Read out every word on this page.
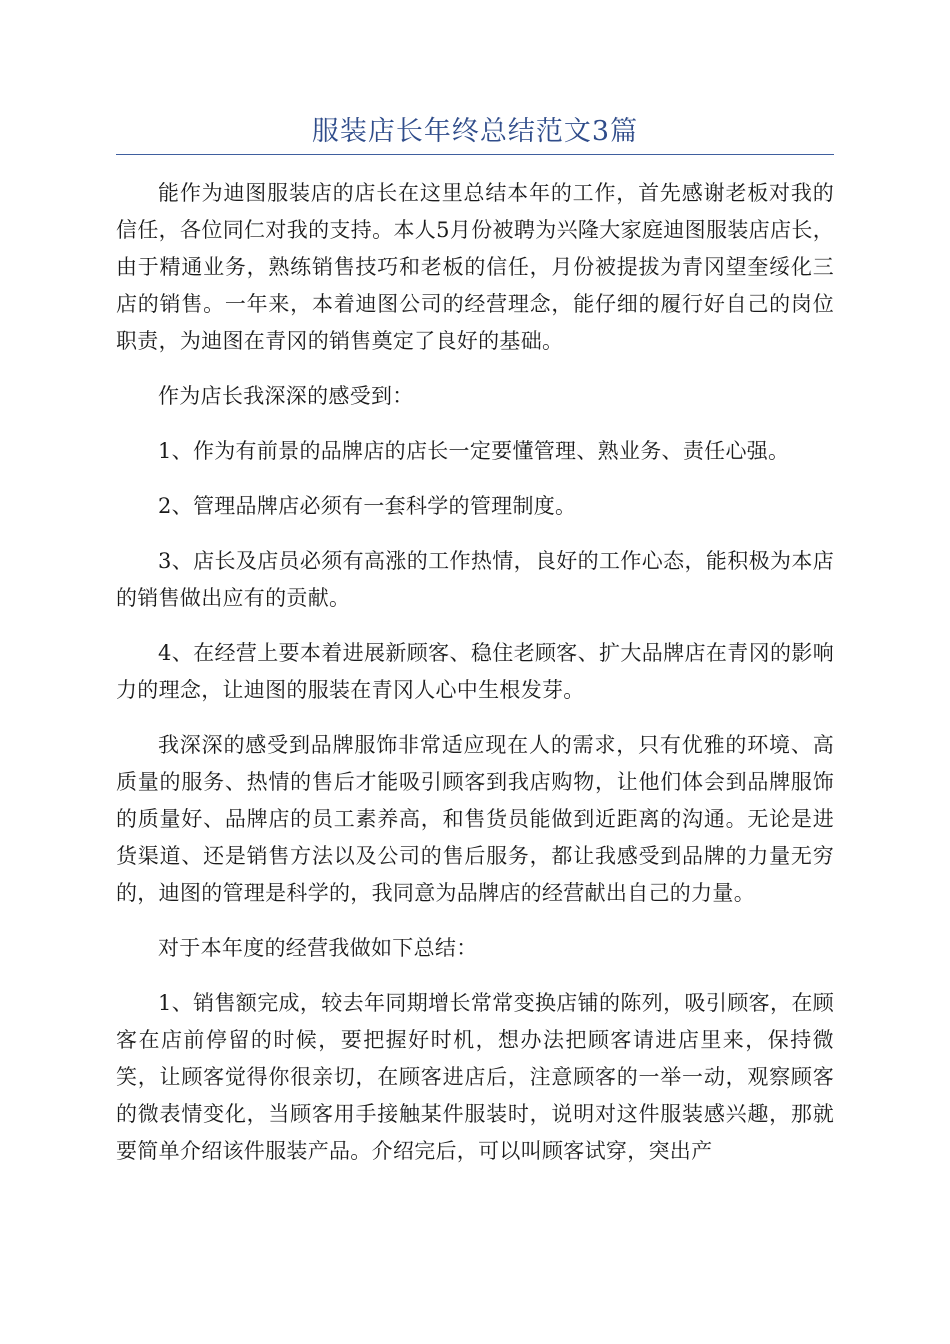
服装店长年终总结范文3篇

能作为迪图服装店的店长在这里总结本年的工作，首先感谢老板对我的信任，各位同仁对我的支持。本人5月份被聘为兴隆大家庭迪图服装店店长，由于精通业务，熟练销售技巧和老板的信任，月份被提拔为青冈望奎绥化三店的销售。一年来，本着迪图公司的经营理念，能仔细的履行好自己的岗位职责，为迪图在青冈的销售奠定了良好的基础。

作为店长我深深的感受到：

1、作为有前景的品牌店的店长一定要懂管理、熟业务、责任心强。

2、管理品牌店必须有一套科学的管理制度。

3、店长及店员必须有高涨的工作热情，良好的工作心态，能积极为本店的销售做出应有的贡献。

4、在经营上要本着进展新顾客、稳住老顾客、扩大品牌店在青冈的影响力的理念，让迪图的服装在青冈人心中生根发芽。

我深深的感受到品牌服饰非常适应现在人的需求，只有优雅的环境、高质量的服务、热情的售后才能吸引顾客到我店购物，让他们体会到品牌服饰的质量好、品牌店的员工素养高，和售货员能做到近距离的沟通。无论是进货渠道、还是销售方法以及公司的售后服务，都让我感受到品牌的力量无穷的，迪图的管理是科学的，我同意为品牌店的经营献出自己的力量。

对于本年度的经营我做如下总结：

1、销售额完成，较去年同期增长常常变换店铺的陈列，吸引顾客，在顾客在店前停留的时候，要把握好时机，想办法把顾客请进店里来，保持微笑，让顾客觉得你很亲切，在顾客进店后，注意顾客的一举一动，观察顾客的微表情变化，当顾客用手接触某件服装时，说明对这件服装感兴趣，那就要简单介绍该件服装产品。介绍完后，可以叫顾客试穿，突出产
